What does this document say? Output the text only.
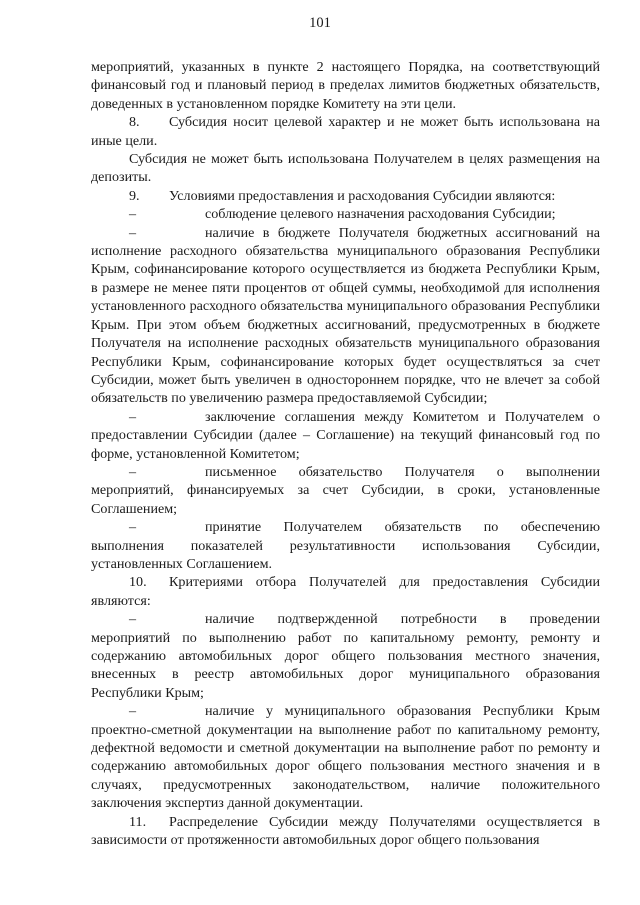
101

мероприятий, указанных в пункте 2 настоящего Порядка, на соответствующий финансовый год и плановый период в пределах лимитов бюджетных обязательств, доведенных в установленном порядке Комитету на эти цели.

8. Субсидия носит целевой характер и не может быть использована на иные цели.

Субсидия не может быть использована Получателем в целях размещения на депозиты.

9. Условиями предоставления и расходования Субсидии являются:

–	соблюдение целевого назначения расходования Субсидии;

–	наличие в бюджете Получателя бюджетных ассигнований на исполнение расходного обязательства муниципального образования Республики Крым, софинансирование которого осуществляется из бюджета Республики Крым, в размере не менее пяти процентов от общей суммы, необходимой для исполнения установленного расходного обязательства муниципального образования Республики Крым. При этом объем бюджетных ассигнований, предусмотренных в бюджете Получателя на исполнение расходных обязательств муниципального образования Республики Крым, софинансирование которых будет осуществляться за счет Субсидии, может быть увеличен в одностороннем порядке, что не влечет за собой обязательств по увеличению размера предоставляемой Субсидии;

–	заключение соглашения между Комитетом и Получателем о предоставлении Субсидии (далее – Соглашение) на текущий финансовый год по форме, установленной Комитетом;

–	письменное обязательство Получателя о выполнении мероприятий, финансируемых за счет Субсидии, в сроки, установленные Соглашением;

–	принятие Получателем обязательств по обеспечению выполнения показателей результативности использования Субсидии, установленных Соглашением.

10. Критериями отбора Получателей для предоставления Субсидии являются:

–	наличие подтвержденной потребности в проведении мероприятий по выполнению работ по капитальному ремонту, ремонту и содержанию автомобильных дорог общего пользования местного значения, внесенных в реестр автомобильных дорог муниципального образования Республики Крым;

–	наличие у муниципального образования Республики Крым проектно-сметной документации на выполнение работ по капитальному ремонту, дефектной ведомости и сметной документации на выполнение работ по ремонту и содержанию автомобильных дорог общего пользования местного значения и в случаях, предусмотренных законодательством, наличие положительного заключения экспертиз данной документации.

11. Распределение Субсидии между Получателями осуществляется в зависимости от протяженности автомобильных дорог общего пользования
